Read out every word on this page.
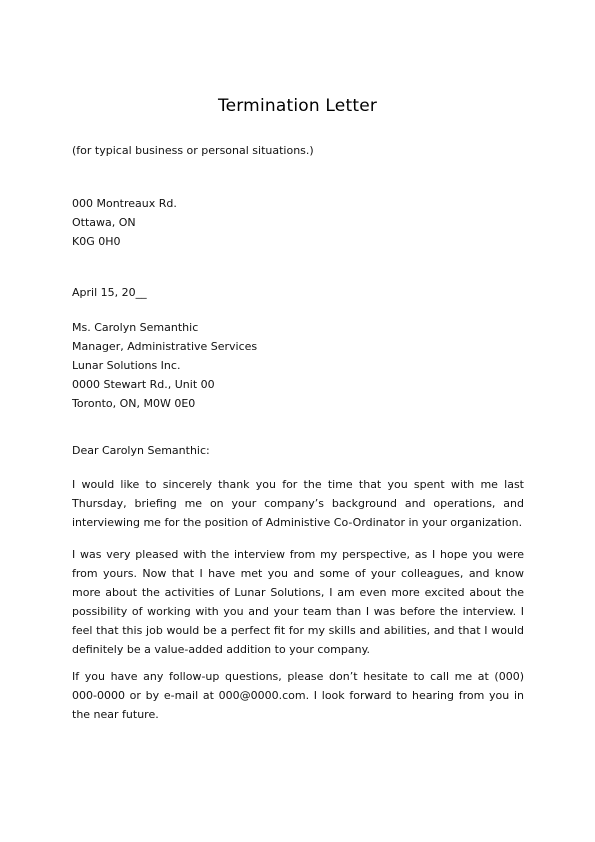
Termination Letter
(for typical business or personal situations.)
000 Montreaux Rd.
Ottawa, ON
K0G 0H0
April 15, 20__
Ms. Carolyn Semanthic
Manager, Administrative Services
Lunar Solutions Inc.
0000 Stewart Rd., Unit 00
Toronto, ON, M0W 0E0
Dear Carolyn Semanthic:
I would like to sincerely thank you for the time that you spent with me last Thursday, briefing me on your company’s background and operations, and interviewing me for the position of Administive Co-Ordinator in your organization.
I was very pleased with the interview from my perspective, as I hope you were from yours. Now that I have met you and some of your colleagues, and know more about the activities of Lunar Solutions, I am even more excited about the possibility of working with you and your team than I was before the interview. I feel that this job would be a perfect fit for my skills and abilities, and that I would definitely be a value-added addition to your company.
If you have any follow-up questions, please don’t hesitate to call me at (000) 000-0000 or by e-mail at 000@0000.com. I look forward to hearing from you in the near future.
